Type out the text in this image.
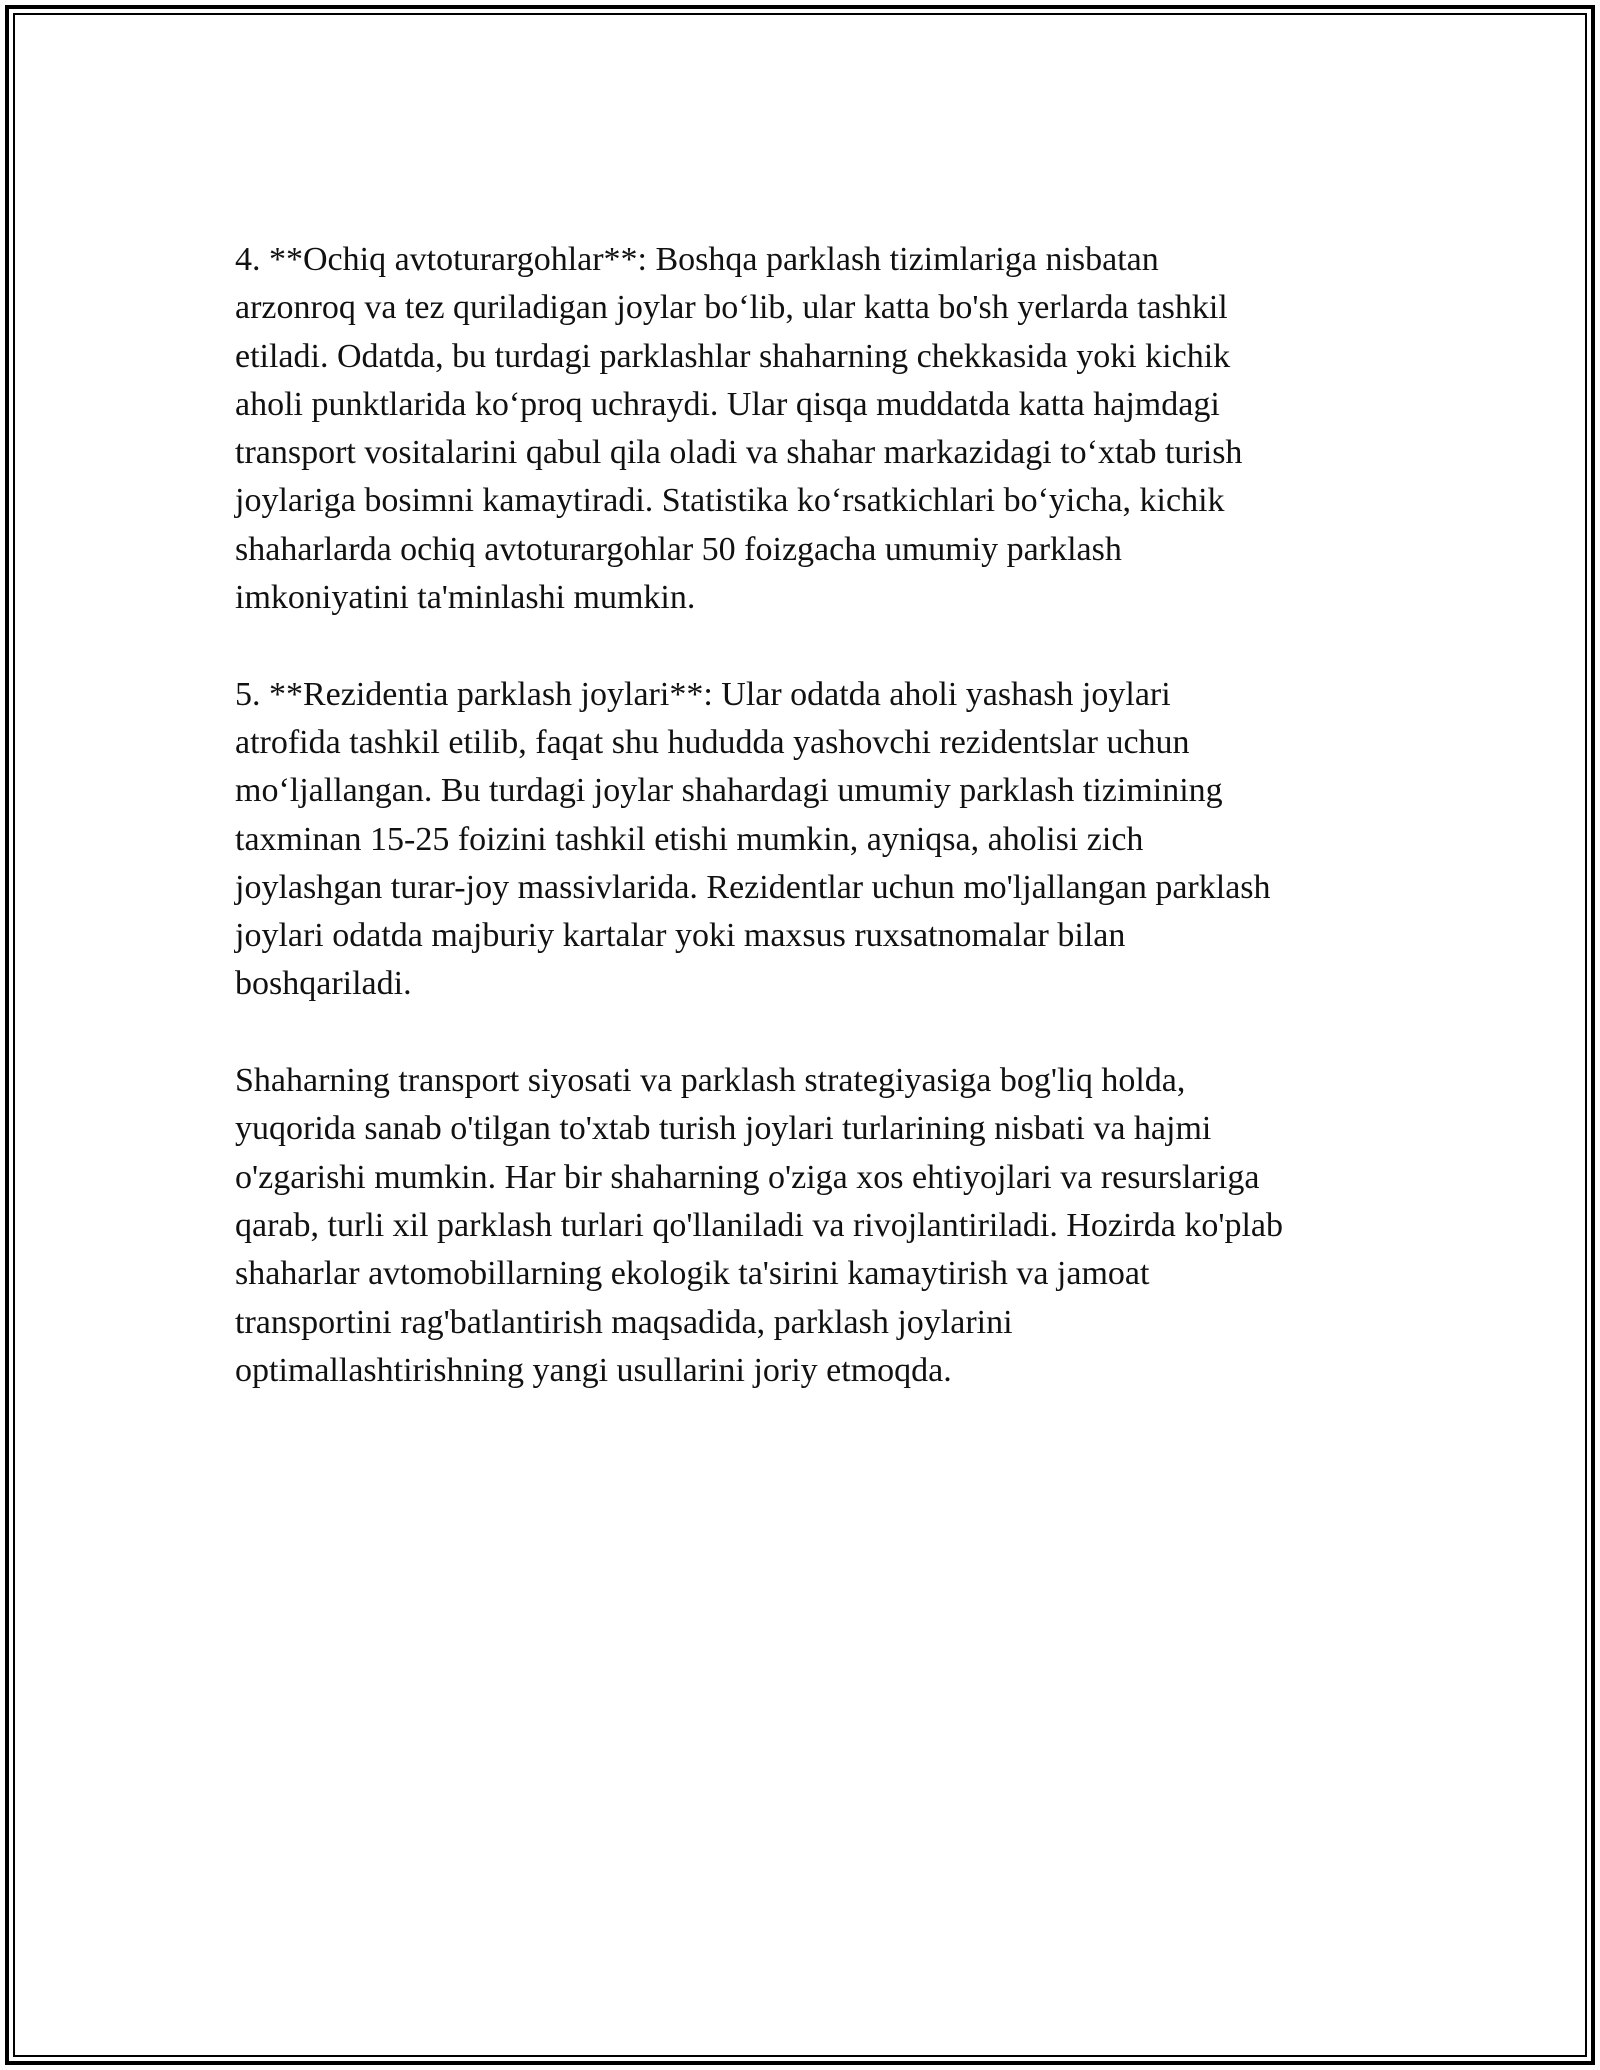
4. **Ochiq avtoturargohlar**: Boshqa parklash tizimlariga nisbatan
arzonroq va tez quriladigan joylar bo‘lib, ular katta bo'sh yerlarda tashkil
etiladi. Odatda, bu turdagi parklashlar shaharning chekkasida yoki kichik
aholi punktlarida ko‘proq uchraydi. Ular qisqa muddatda katta hajmdagi
transport vositalarini qabul qila oladi va shahar markazidagi to‘xtab turish
joylariga bosimni kamaytiradi. Statistika ko‘rsatkichlari bo‘yicha, kichik
shaharlarda ochiq avtoturargohlar 50 foizgacha umumiy parklash
imkoniyatini ta'minlashi mumkin.

5. **Rezidentia parklash joylari**: Ular odatda aholi yashash joylari
atrofida tashkil etilib, faqat shu hududda yashovchi rezidentslar uchun
mo‘ljallangan. Bu turdagi joylar shahardagi umumiy parklash tizimining
taxminan 15-25 foizini tashkil etishi mumkin, ayniqsa, aholisi zich
joylashgan turar-joy massivlarida. Rezidentlar uchun mo'ljallangan parklash
joylari odatda majburiy kartalar yoki maxsus ruxsatnomalar bilan
boshqariladi.

Shaharning transport siyosati va parklash strategiyasiga bog'liq holda,
yuqorida sanab o'tilgan to'xtab turish joylari turlarining nisbati va hajmi
o'zgarishi mumkin. Har bir shaharning o'ziga xos ehtiyojlari va resurslariga
qarab, turli xil parklash turlari qo'llaniladi va rivojlantiriladi. Hozirda ko'plab
shaharlar avtomobillarning ekologik ta'sirini kamaytirish va jamoat
transportini rag'batlantirish maqsadida, parklash joylarini
optimallashtirishning yangi usullarini joriy etmoqda.
